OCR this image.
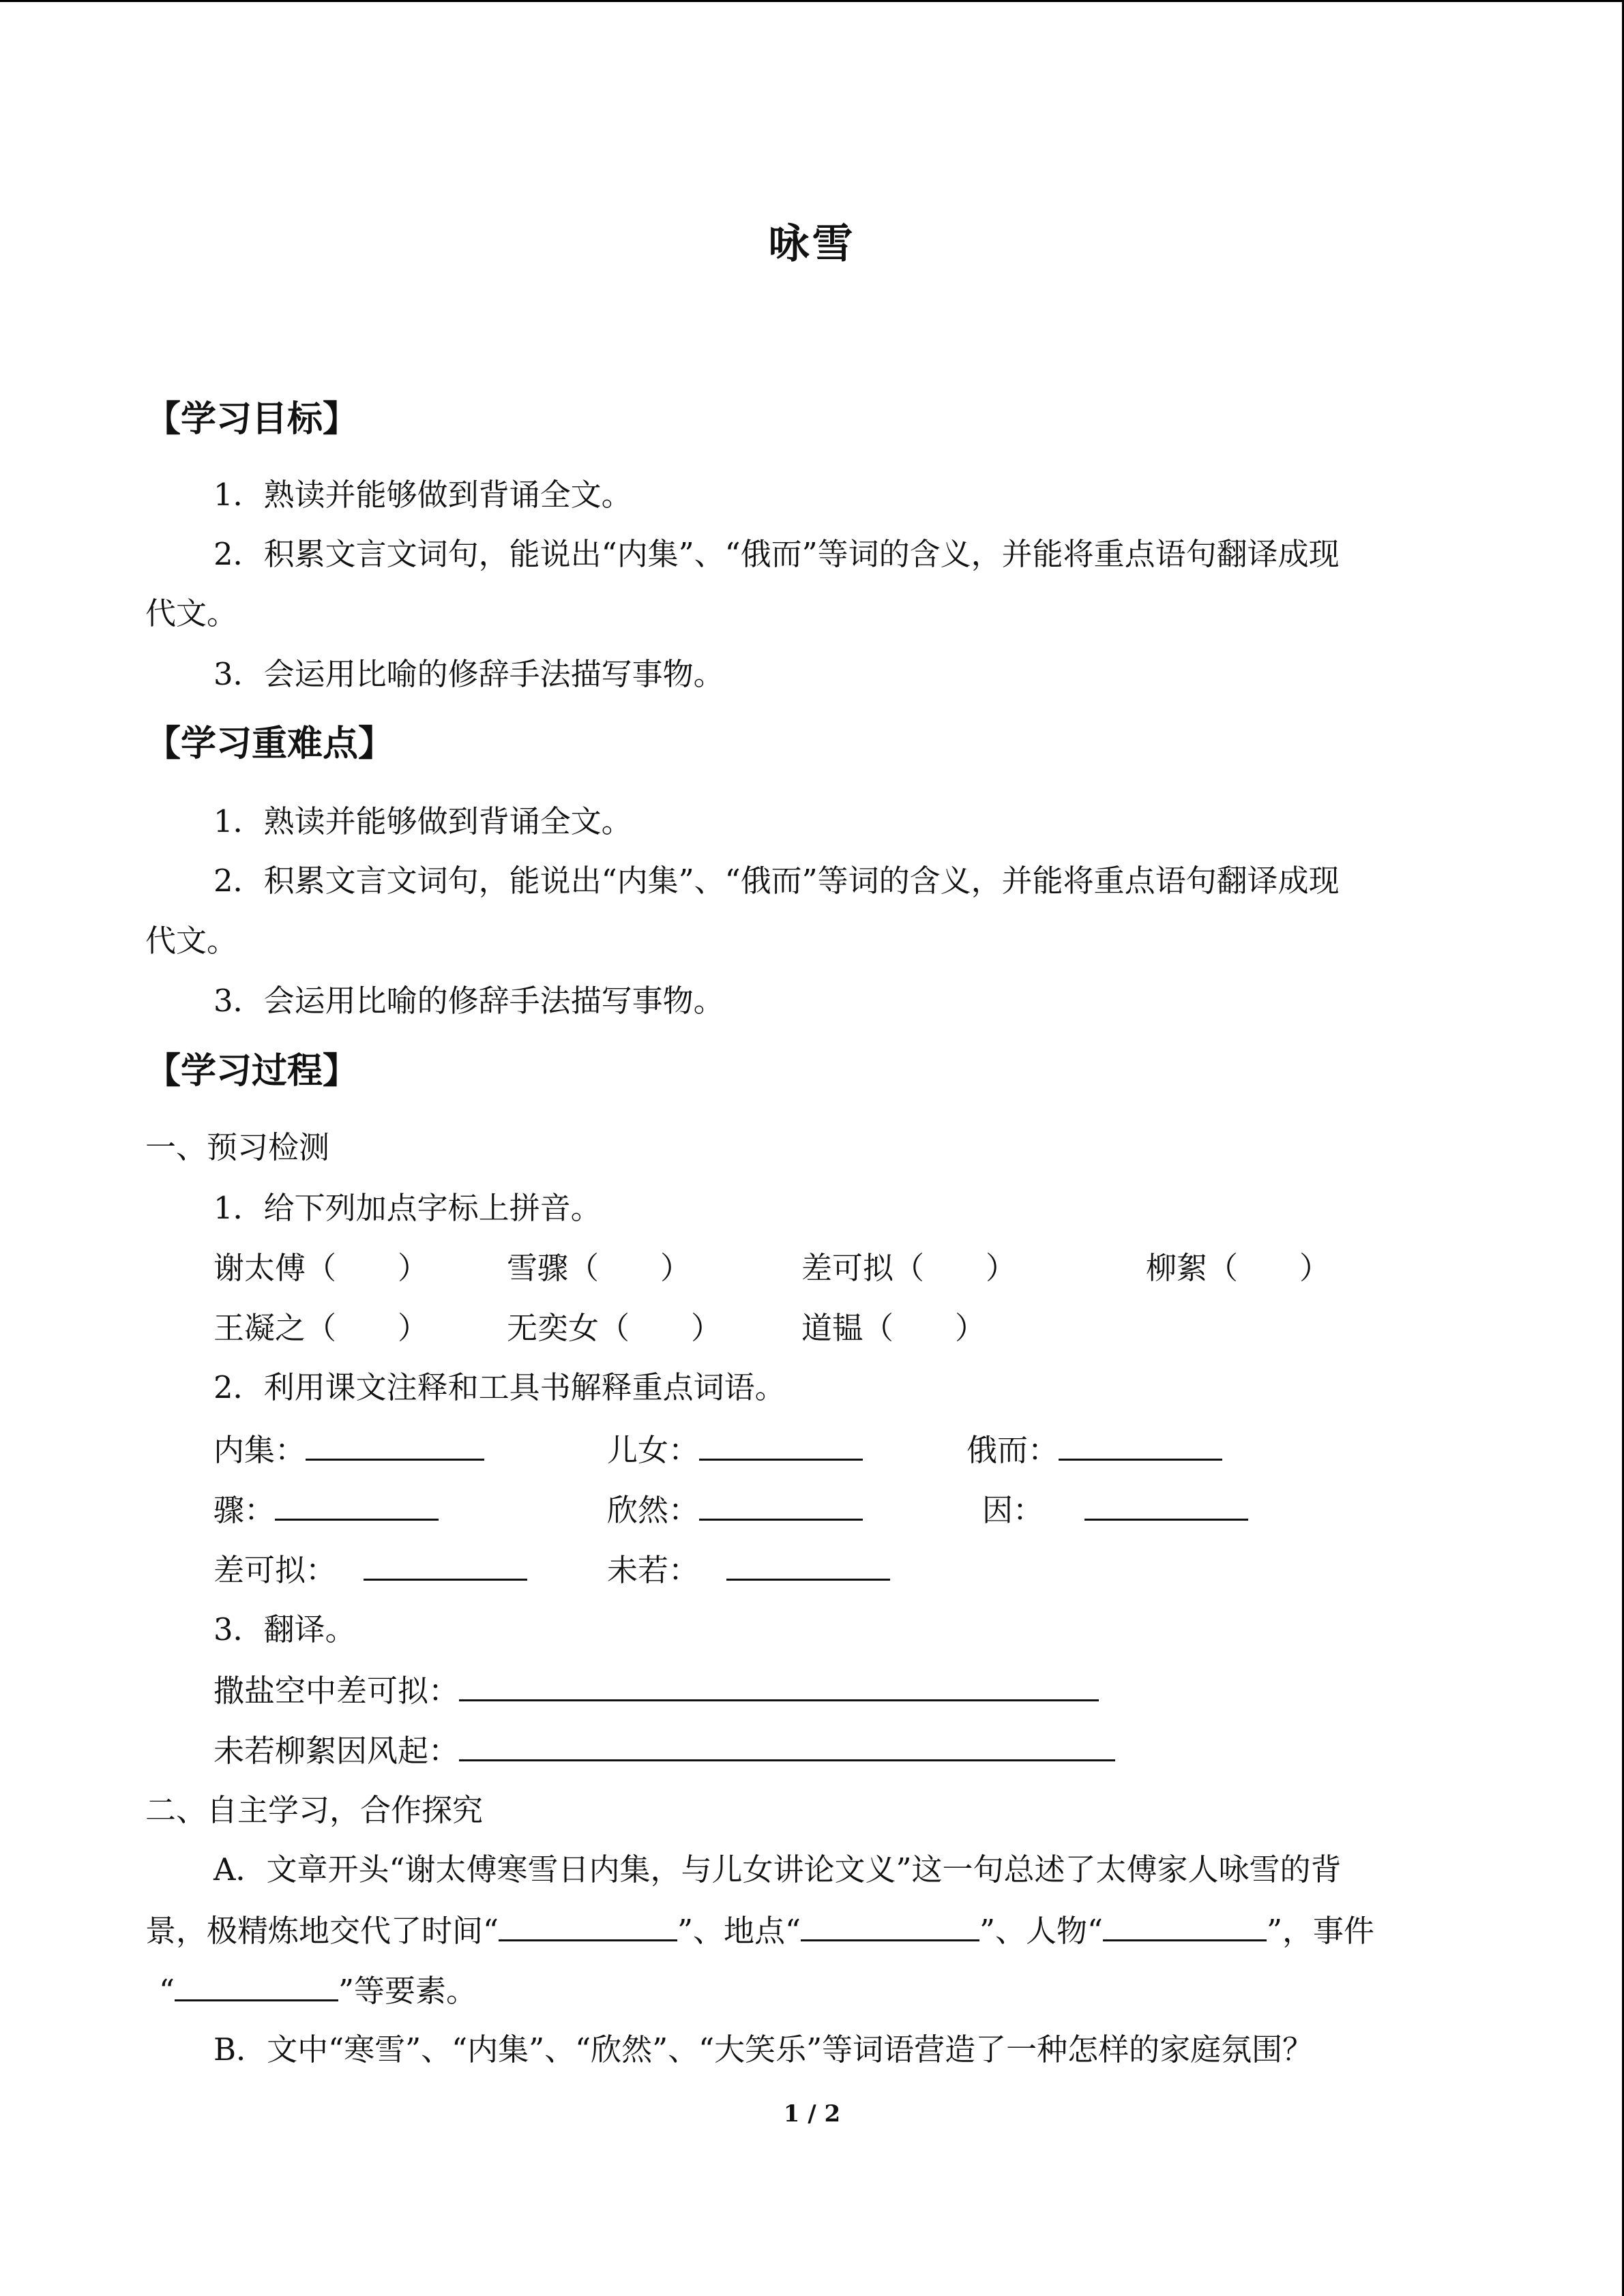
咏雪
【学习目标】
1．熟读并能够做到背诵全文。
2．积累文言文词句，能说出“内集”、“俄而”等词的含义，并能将重点语句翻译成现
代文。
3．会运用比喻的修辞手法描写事物。
【学习重难点】
1．熟读并能够做到背诵全文。
2．积累文言文词句，能说出“内集”、“俄而”等词的含义，并能将重点语句翻译成现
代文。
3．会运用比喻的修辞手法描写事物。
【学习过程】
一、预习检测
1．给下列加点字标上拼音。
谢太傅（　　）	雪骤（　　）	差可拟（　　）	柳絮（　　）
王凝之（　　）	无奕女（　　）	道韫（　　）
2．利用课文注释和工具书解释重点词语。
内集：	儿女：	俄而：
骤：	欣然：	因：
差可拟：	未若：
3．翻译。
撒盐空中差可拟：
未若柳絮因风起：
二、自主学习，合作探究
A．文章开头“谢太傅寒雪日内集，与儿女讲论文义”这一句总述了太傅家人咏雪的背
景，极精炼地交代了时间“	”、地点“	”、人物“	”，事件
“	”等要素。
B．文中“寒雪”、“内集”、“欣然”、“大笑乐”等词语营造了一种怎样的家庭氛围？
1 / 2
